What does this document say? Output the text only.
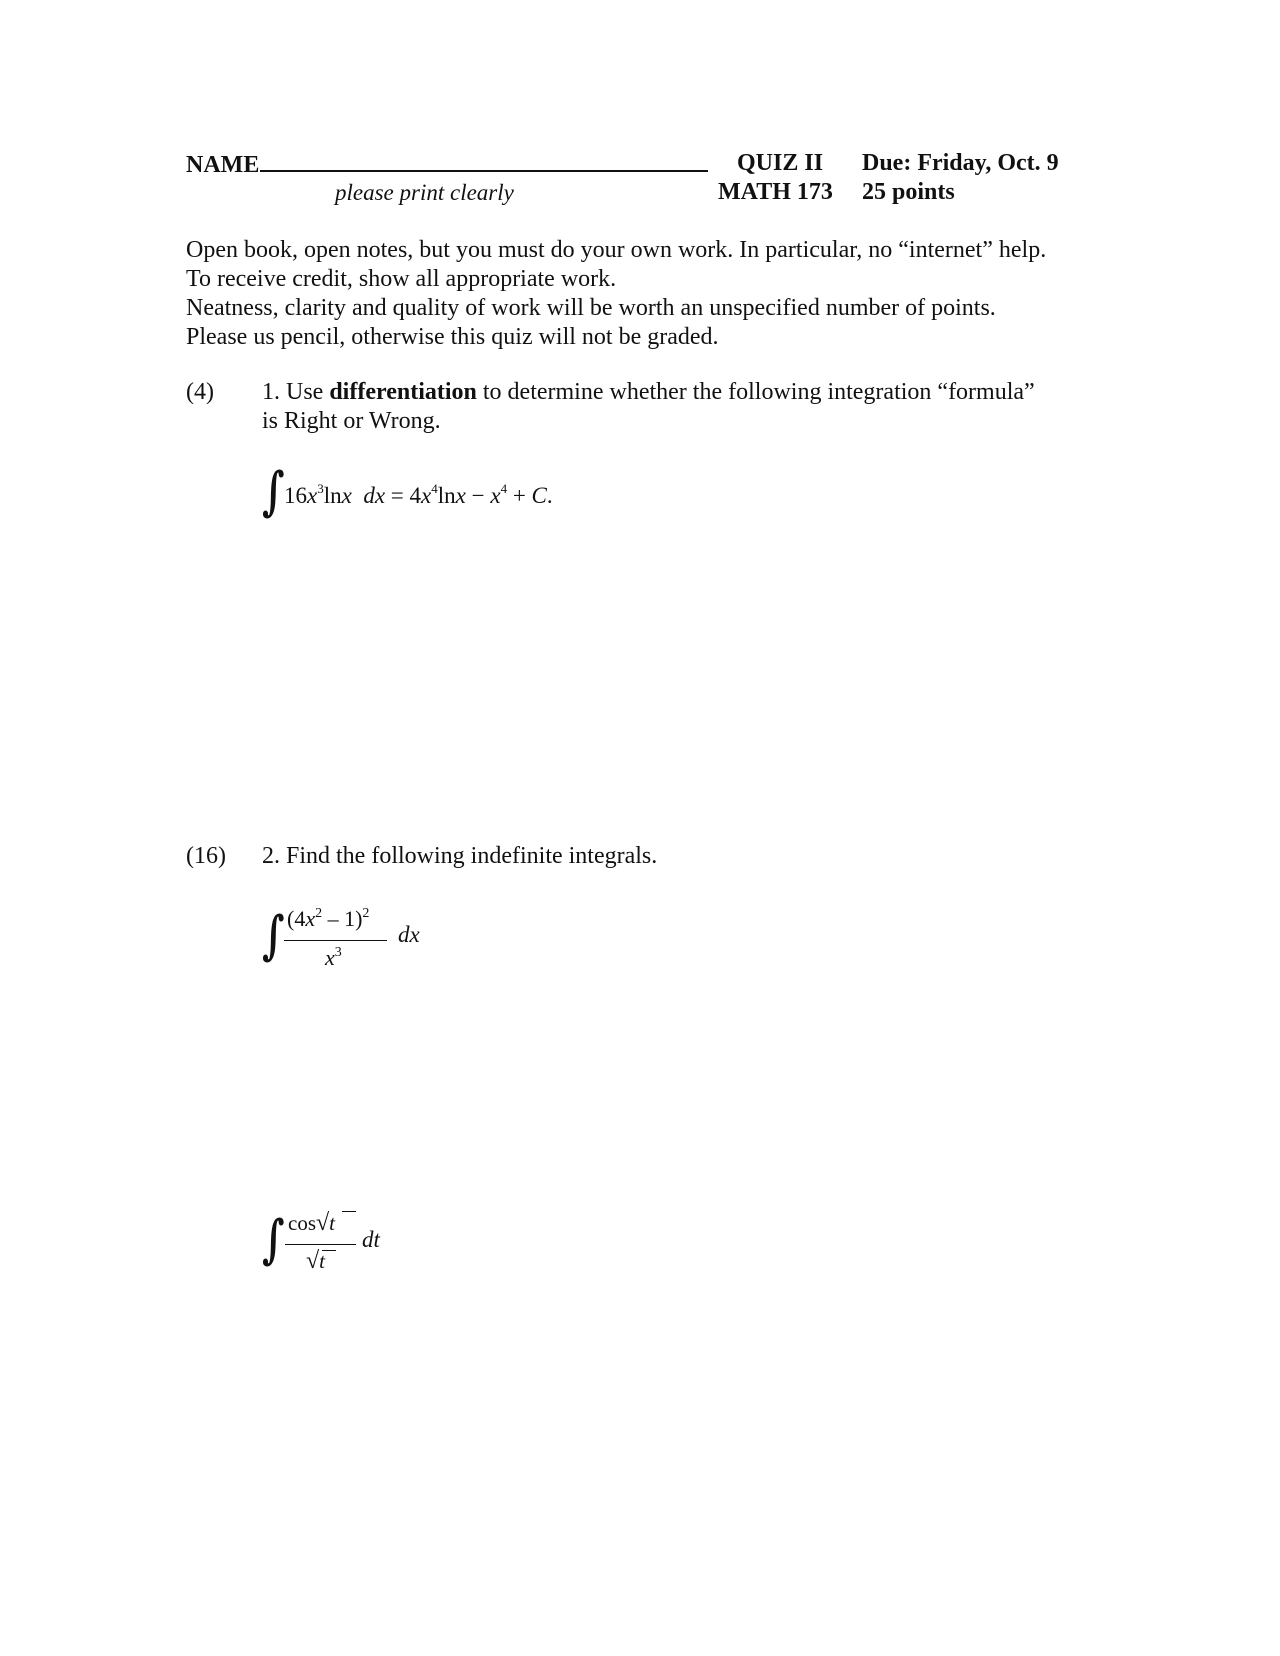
NAME
please print clearly
QUIZ II Due: Friday, Oct. 9
MATH 173 25 points
Open book, open notes, but you must do your own work. In particular, no “internet” help.
To receive credit, show all appropriate work.
Neatness, clarity and quality of work will be worth an unspecified number of points.
Please us pencil, otherwise this quiz will not be graded.
(4) 1. Use differentiation to determine whether the following integration “formula”
is Right or Wrong.
∫ $16x^3\ln x$ dx = $4x^4\ln x - x^4 + C$.
(16) 2. Find the following indefinite integrals.
∫ $(4x^2 - 1)^2$
$x^3$
dx
∫ cos√t
√t
dt
